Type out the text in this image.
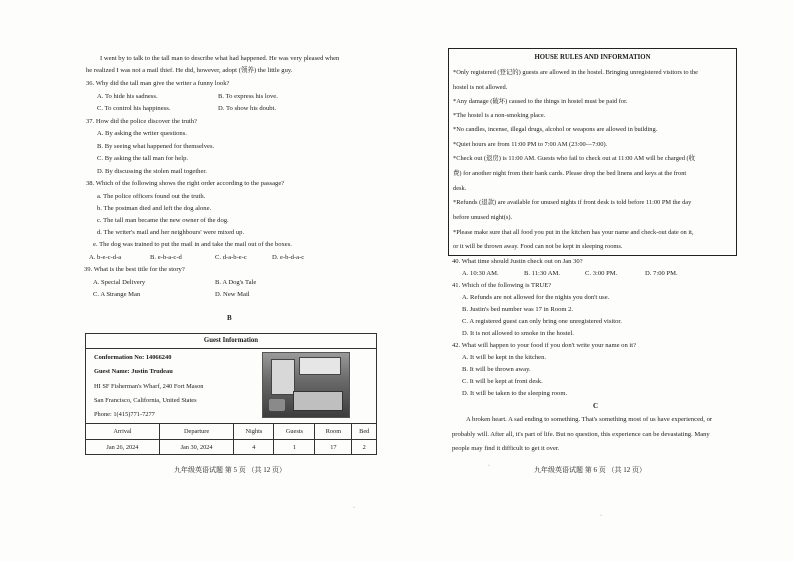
I went by to talk to the tall man to describe what had happened. He was very pleased when
he realized I was not a mail thief. He did, however, adopt (领养) the little guy.
36. Why did the tall man give the writer a funny look?
A. To hide his sadness.	B. To express his love.
C. To control his happiness.	D. To show his doubt.
37. How did the police discover the truth?
A. By asking the writer questions.
B. By seeing what happened for themselves.
C. By asking the tall man for help.
D. By discussing the stolen mail together.
38. Which of the following shows the right order according to the passage?
a. The police officers found out the truth.
b. The postman died and left the dog alone.
c. The tall man became the new owner of the dog.
d. The writer's mail and her neighbours' were mixed up.
e. The dog was trained to put the mail in and take the mail out of the boxes.
A. b-e-c-d-a	B. e-b-a-c-d	C. d-a-b-e-c	D. e-b-d-a-c
39. What is the best title for the story?
A. Special Delivery	B. A Dog's Tale
C. A Strange Man	D. New Mail
B
Guest Information
Conformation No: 14066240
Guest Name: Justin Trudeau
HI SF Fisherman's Wharf, 240 Fort Mason
San Francisco, California, United States
Phone: 1(415)771-7277
Arrival	Departure	Nights	Guests	Room	Bed
Jan 26, 2024	Jan 30, 2024	4	1	17	2
九年级英语试题 第 5 页 （共 12 页）
·
HOUSE RULES AND INFORMATION
*Only registered (登记的) guests are allowed in the hostel. Bringing unregistered visitors to the
hostel is not allowed.
*Any damage (破坏) caused to the things in hostel must be paid for.
*The hostel is a non-smoking place.
*No candles, incense, illegal drugs, alcohol or weapons are allowed in building.
*Quiet hours are from 11:00 PM to 7:00 AM (23:00—7:00).
*Check out (退房) is 11:00 AM. Guests who fail to check out at 11:00 AM will be charged (收
费) for another night from their bank cards. Please drop the bed linens and keys at the front
desk.
*Refunds (退款) are available for unused nights if front desk is told before 11:00 PM the day
before unused night(s).
*Please make sure that all food you put in the kitchen has your name and check-out date on it,
or it will be thrown away. Food can not be kept in sleeping rooms.
40. What time should Justin check out on Jan 30?
A. 10:30 AM.	B. 11:30 AM.	C. 3:00 PM.	D. 7:00 PM.
41. Which of the following is TRUE?
A. Refunds are not allowed for the nights you don't use.
B. Justin's bed number was 17 in Room 2.
C. A registered guest can only bring one unregistered visitor.
D. It is not allowed to smoke in the hostel.
42. What will happen to your food if you don't write your name on it?
A. It will be kept in the kitchen.
B. It will be thrown away.
C. It will be kept at front desk.
D. It will be taken to the sleeping room.
C
A broken heart. A sad ending to something. That's something most of us have experienced, or
probably will. After all, it's part of life. But no question, this experience can be devastating. Many
people may find it difficult to get it over.
九年级英语试题 第 6 页 （共 12 页）
·
·
